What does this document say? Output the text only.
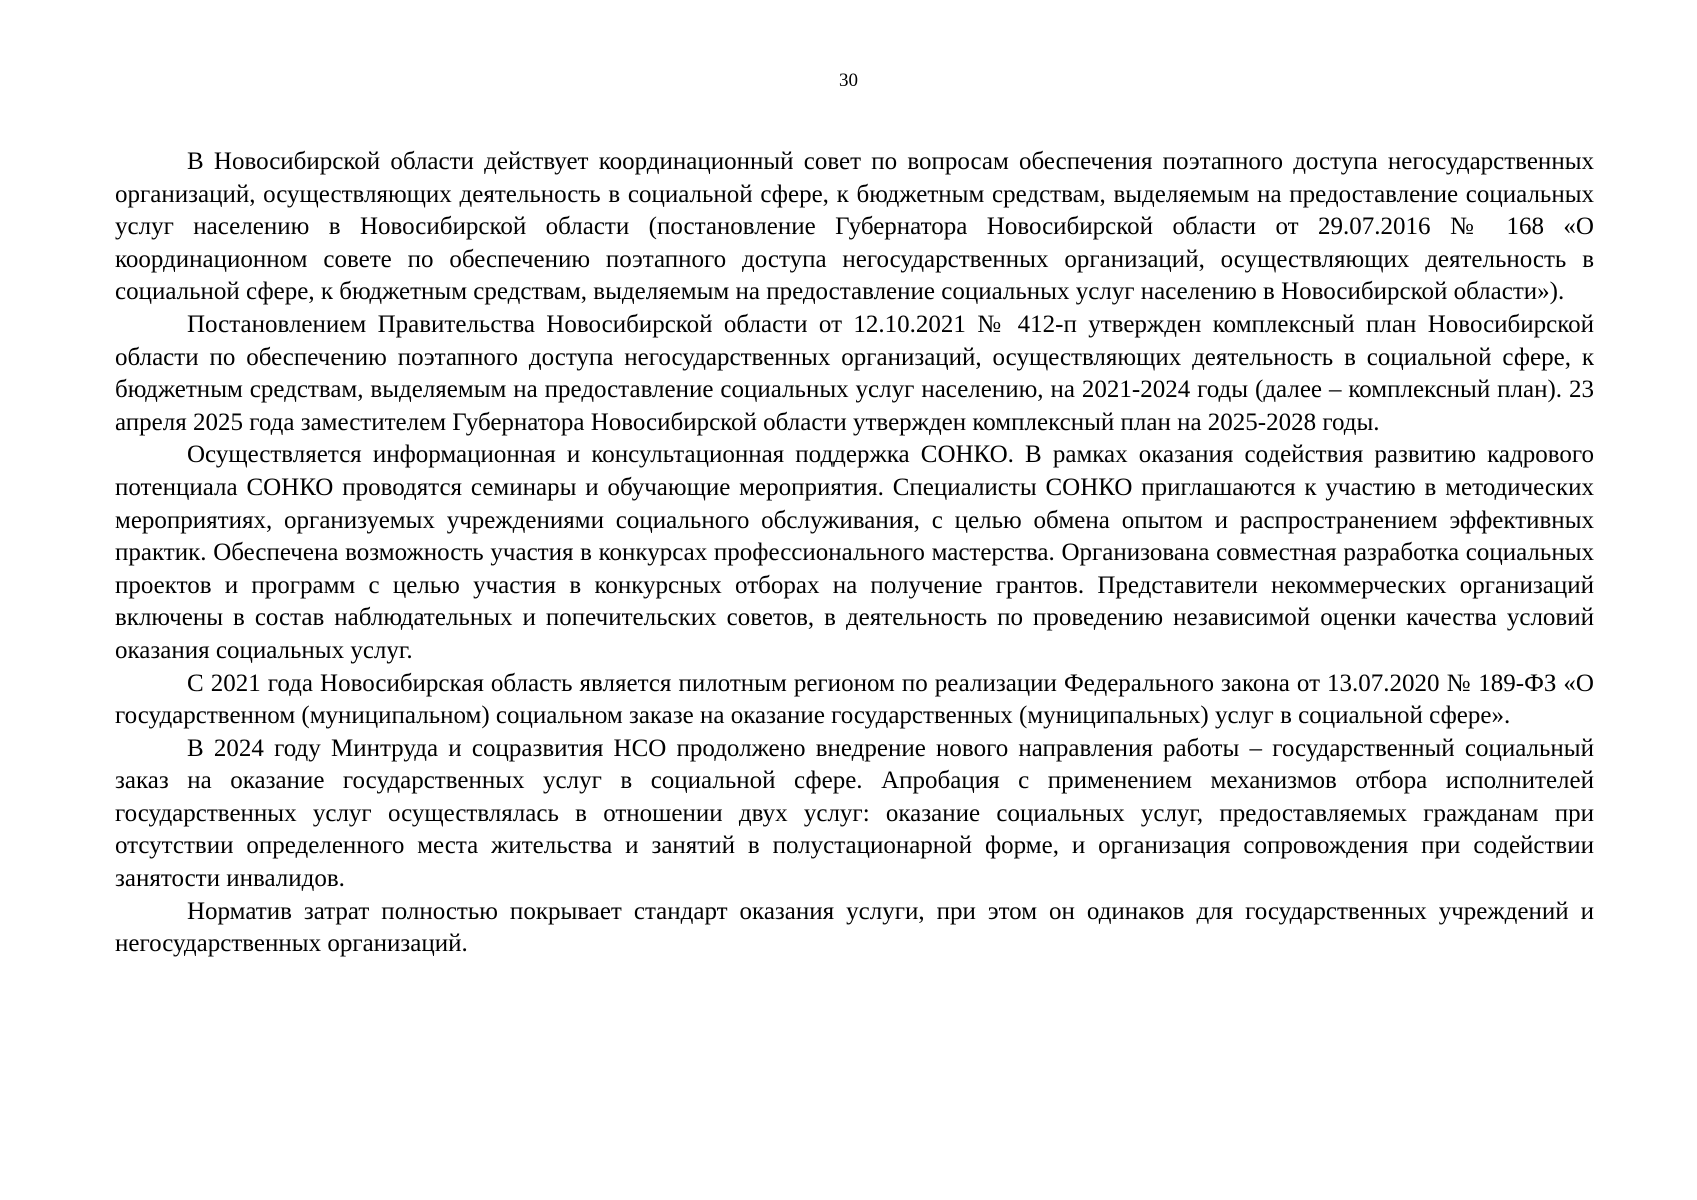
30

В Новосибирской области действует координационный совет по вопросам обеспечения поэтапного доступа негосударственных организаций, осуществляющих деятельность в социальной сфере, к бюджетным средствам, выделяемым на предоставление социальных услуг населению в Новосибирской области (постановление Губернатора Новосибирской области от 29.07.2016 № 168 «О координационном совете по обеспечению поэтапного доступа негосударственных организаций, осуществляющих деятельность в социальной сфере, к бюджетным средствам, выделяемым на предоставление социальных услуг населению в Новосибирской области»).

Постановлением Правительства Новосибирской области от 12.10.2021 № 412-п утвержден комплексный план Новосибирской области по обеспечению поэтапного доступа негосударственных организаций, осуществляющих деятельность в социальной сфере, к бюджетным средствам, выделяемым на предоставление социальных услуг населению, на 2021-2024 годы (далее – комплексный план). 23 апреля 2025 года заместителем Губернатора Новосибирской области утвержден комплексный план на 2025-2028 годы.

Осуществляется информационная и консультационная поддержка СОНКО. В рамках оказания содействия развитию кадрового потенциала СОНКО проводятся семинары и обучающие мероприятия. Специалисты СОНКО приглашаются к участию в методических мероприятиях, организуемых учреждениями социального обслуживания, с целью обмена опытом и распространением эффективных практик. Обеспечена возможность участия в конкурсах профессионального мастерства. Организована совместная разработка социальных проектов и программ с целью участия в конкурсных отборах на получение грантов. Представители некоммерческих организаций включены в состав наблюдательных и попечительских советов, в деятельность по проведению независимой оценки качества условий оказания социальных услуг.

С 2021 года Новосибирская область является пилотным регионом по реализации Федерального закона от 13.07.2020 № 189-ФЗ «О государственном (муниципальном) социальном заказе на оказание государственных (муниципальных) услуг в социальной сфере».

В 2024 году Минтруда и соцразвития НСО продолжено внедрение нового направления работы – государственный социальный заказ на оказание государственных услуг в социальной сфере. Апробация с применением механизмов отбора исполнителей государственных услуг осуществлялась в отношении двух услуг: оказание социальных услуг, предоставляемых гражданам при отсутствии определенного места жительства и занятий в полустационарной форме, и организация сопровождения при содействии занятости инвалидов.

Норматив затрат полностью покрывает стандарт оказания услуги, при этом он одинаков для государственных учреждений и негосударственных организаций.
